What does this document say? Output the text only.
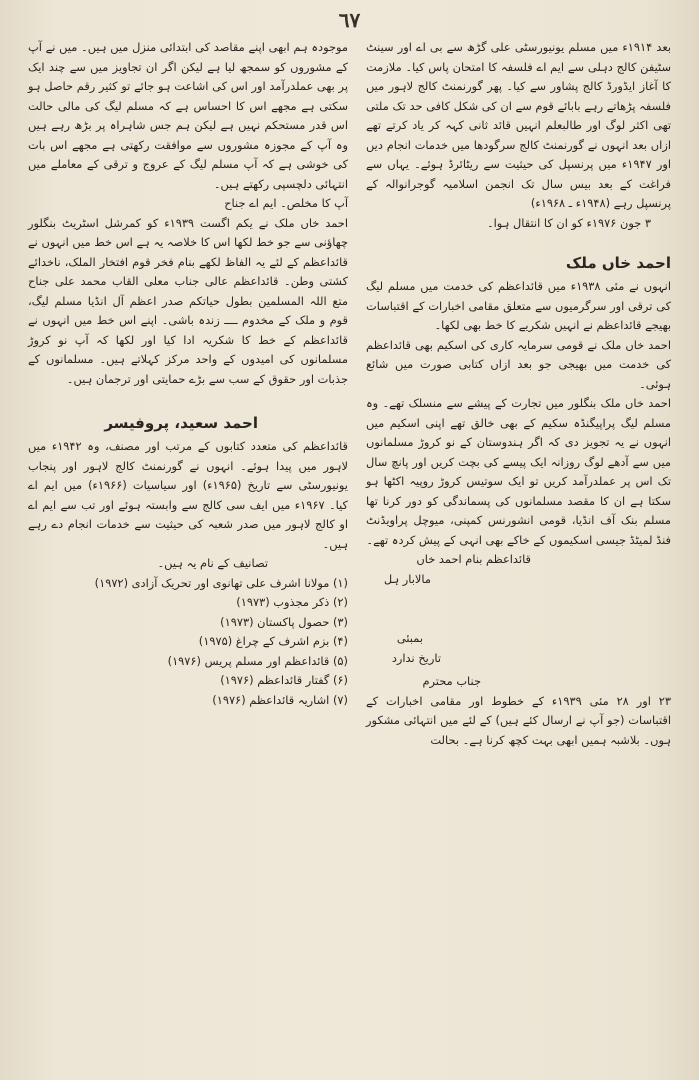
٦٧

بعد ۱۹۱۴ء میں مسلم یونیورسٹی علی گڑھ سے بی اے اور سینٹ سٹیفن کالج دہلی سے ایم اے فلسفہ کا امتحان پاس کیا۔ ملازمت کا آغاز ایڈورڈ کالج پشاور سے کیا۔ پھر گورنمنٹ کالج لاہور میں فلسفہ پڑھاتے رہے بابائے قوم سے ان کی شکل کافی حد تک ملتی تھی اکثر لوگ اور طالبعلم انہیں قائد ثانی کہہ کر یاد کرتے تھے ازاں بعد انہوں نے گورنمنٹ کالج سرگودھا میں خدمات انجام دیں اور ۱۹۴۷ء میں پرنسپل کی حیثیت سے ریٹائرڈ ہوئے۔ یہاں سے فراغت کے بعد بیس سال تک انجمن اسلامیہ گوجرانوالہ کے پرنسپل رہے (۱۹۴۸ء ـ ۱۹۶۸ء)

۳ جون ۱۹۷۶ء کو ان کا انتقال ہوا۔

احمد خاں ملک

انہوں نے مئی ۱۹۳۸ء میں قائداعظم کی خدمت میں مسلم لیگ کی ترقی اور سرگرمیوں سے متعلق مقامی اخبارات کے اقتباسات بھیجے قائداعظم نے انہیں شکریے کا خط بھی لکھا۔

احمد خاں ملک نے قومی سرمایہ کاری کی اسکیم بھی قائداعظم کی خدمت میں بھیجی جو بعد ازاں کتابی صورت میں شائع ہوئی۔

احمد خاں ملک بنگلور میں تجارت کے پیشے سے منسلک تھے۔ وہ مسلم لیگ پراپیگنڈہ سکیم کے بھی خالق تھے اپنی اسکیم میں انہوں نے یہ تجویز دی کہ اگر ہندوستان کے نو کروڑ مسلمانوں میں سے آدھے لوگ روزانہ ایک پیسے کی بچت کریں اور پانچ سال تک اس پر عملدرآمد کریں تو ایک سوتیس کروڑ روپیہ اکٹھا ہو سکتا ہے ان کا مقصد مسلمانوں کی پسماندگی کو دور کرنا تھا مسلم بنک آف انڈیا، قومی انشورنس کمپنی، میوچل پراویڈنٹ فنڈ لمیٹڈ جیسی اسکیموں کے خاکے بھی انہی کے پیش کردہ تھے۔

قائداعظم بنام احمد خاں

مالابار ہل

بمبئی

تاریخ ندارد

جناب محترم

۲۳ اور ۲۸ مئی ۱۹۳۹ء کے خطوط اور مقامی اخبارات کے اقتباسات (جو آپ نے ارسال کئے ہیں) کے لئے میں انتہائی مشکور ہوں۔ بلاشبہ ہمیں ابھی بہت کچھ کرنا ہے۔ بحالت

موجودہ ہم ابھی اپنے مقاصد کی ابتدائی منزل میں ہیں۔ میں نے آپ کے مشوروں کو سمجھ لیا ہے لیکن اگر ان تجاویز میں سے چند ایک پر بھی عملدرآمد اور اس کی اشاعت ہو جائے تو کثیر رقم حاصل ہو سکتی ہے مجھے اس کا احساس ہے کہ مسلم لیگ کی مالی حالت اس قدر مستحکم نہیں ہے لیکن ہم جس شاہراہ پر بڑھ رہے ہیں وہ آپ کے مجوزہ مشوروں سے موافقت رکھتی ہے مجھے اس بات کی خوشی ہے کہ آپ مسلم لیگ کے عروج و ترقی کے معاملے میں انتہائی دلچسپی رکھتے ہیں۔

آپ کا مخلص۔ ایم اے جناح

احمد خاں ملک نے یکم اگست ۱۹۳۹ء کو کمرشل اسٹریٹ بنگلور چھاؤنی سے جو خط لکھا اس کا خلاصہ یہ ہے اس خط میں انہوں نے قائداعظم کے لئے یہ الفاظ لکھے بنام فخر قوم افتخار الملک، ناخدائے کشتی وطن۔ قائداعظم عالی جناب معلی القاب محمد علی جناح متع اللہ المسلمین بطول حیاتکم صدر اعظم آل انڈیا مسلم لیگ، قوم و ملک کے مخدوم ــــ زندہ باشی۔ اپنے اس خط میں انہوں نے قائداعظم کے خط کا شکریہ ادا کیا اور لکھا کہ آپ نو کروڑ مسلمانوں کی امیدوں کے واحد مرکز کہلاتے ہیں۔ مسلمانوں کے جذبات اور حقوق کے سب سے بڑے حمایتی اور ترجمان ہیں۔

احمد سعید، پروفیسر

قائداعظم کی متعدد کتابوں کے مرتب اور مصنف، وہ ۱۹۴۲ء میں لاہور میں پیدا ہوئے۔ انہوں نے گورنمنٹ کالج لاہور اور پنجاب یونیورسٹی سے تاریخ (۱۹۶۵ء) اور سیاسیات (۱۹۶۶ء) میں ایم اے کیا۔ ۱۹۶۷ء میں ایف سی کالج سے وابستہ ہوئے اور تب سے ایم اے او کالج لاہور میں صدر شعبہ کی حیثیت سے خدمات انجام دے رہے ہیں۔

تصانیف کے نام یہ ہیں۔

(۱) مولانا اشرف علی تھانوی اور تحریک آزادی (۱۹۷۲)
(۲) ذکر مجذوب (۱۹۷۳)
(۳) حصول پاکستان (۱۹۷۳)
(۴) بزم اشرف کے چراغ (۱۹۷۵)
(۵) قائداعظم اور مسلم پریس (۱۹۷۶)
(۶) گفتار قائداعظم (۱۹۷۶)
(۷) اشاریہ قائداعظم (۱۹۷۶)
